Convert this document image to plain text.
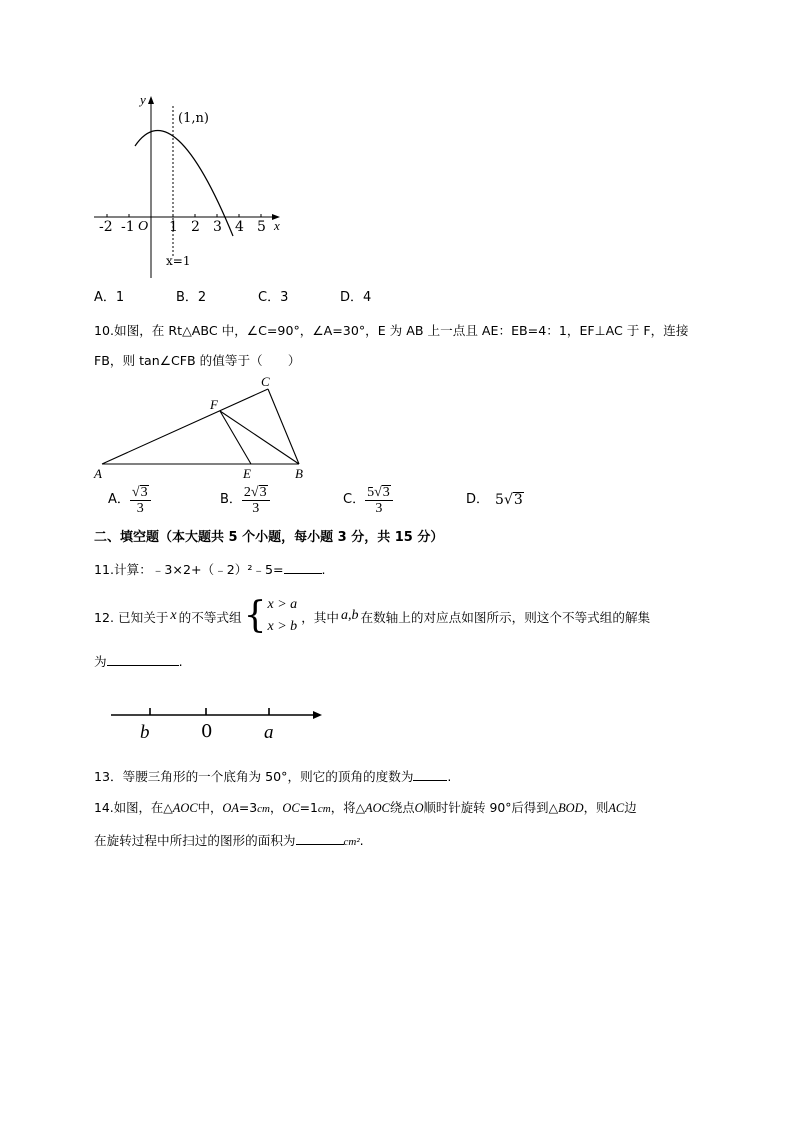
y
x
(1,n)
x=1
O
-2 -1 1 2 3 4 5
A．1	B．2	C．3	D．4
10.如图，在 Rt△ABC 中，∠C=90°，∠A=30°，E 为 AB 上一点且 AE：EB=4：1，EF⊥AC 于 F，连接
FB，则 tan∠CFB 的值等于（　　）
A	E	B
C
F
A． $\frac{√3}{3}$	B． $\frac{2√3}{3}$	C． $\frac{5√3}{3}$	D． 5√3
二、填空题（本大题共 5 个小题，每小题 3 分，共 15 分）
11.计算：﹣3×2+（﹣2）²﹣5=	.
12. 已知关于 x 的不等式组 { x > a
x > b
，其中 a,b 在数轴上的对应点如图所示，则这个不等式组的解集
为	.
b	0	a
13．等腰三角形的一个底角为 50°，则它的顶角的度数为	.
14.如图，在△AOC中，OA=3cm，OC=1cm，将△AOC绕点O顺时针旋转 90°后得到△BOD，则AC边
在旋转过程中所扫过的图形的面积为	cm².
